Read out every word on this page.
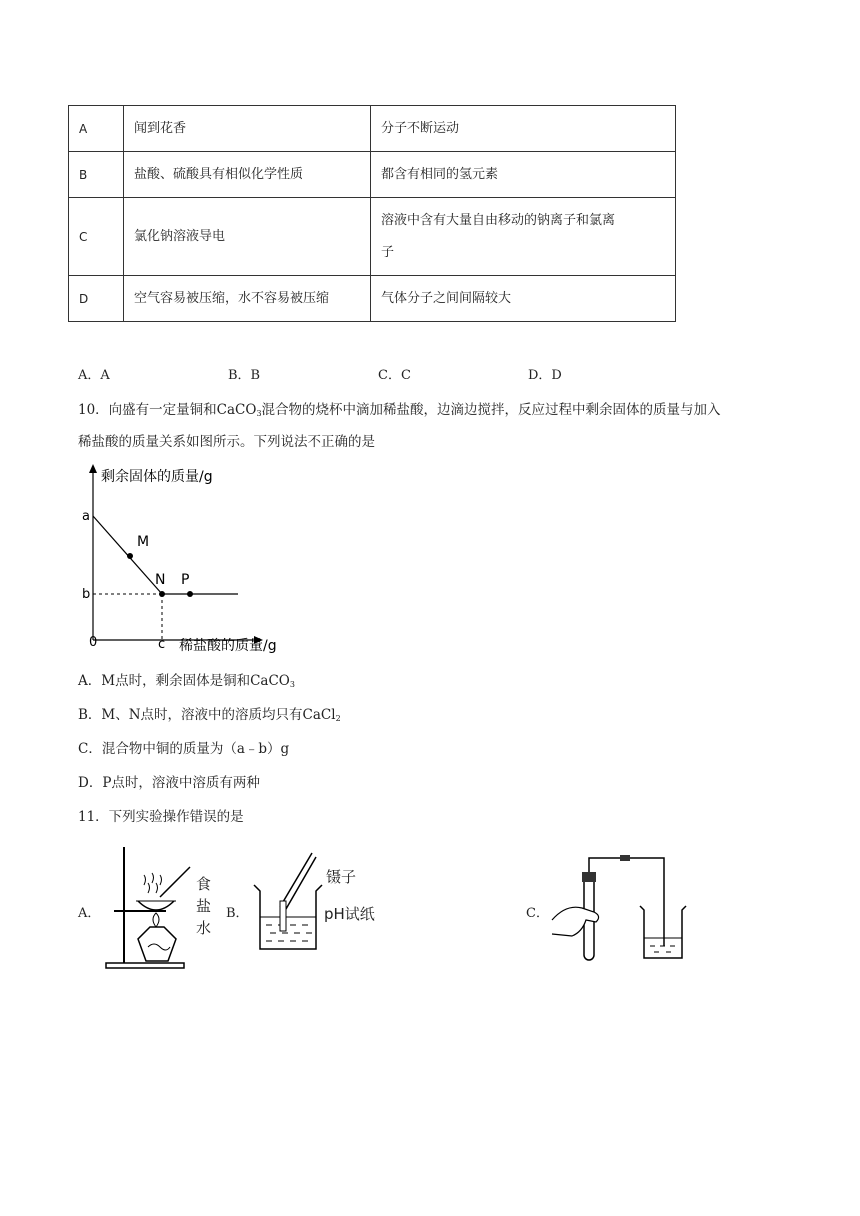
A	闻到花香	分子不断运动
B	盐酸、硫酸具有相似化学性质	都含有相同的氢元素
C	氯化钠溶液导电	溶液中含有大量自由移动的钠离子和氯离
子

D	空气容易被压缩，水不容易被压缩	气体分子之间间隔较大
A．A	B．B	C．C	D．D
10．向盛有一定量铜和CaCO$_3$混合物的烧杯中滴加稀盐酸，边滴边搅拌，反应过程中剩余固体的质量与加入
稀盐酸的质量关系如图所示。下列说法不正确的是
剩余固体的质量/g
稀盐酸的质量/g
0
a
b
c
M
N P
A．M点时，剩余固体是铜和CaCO$_3$
B．M、N点时，溶液中的溶质均只有CaCl$_2$
C．混合物中铜的质量为（a﹣b）g
D．P点时，溶液中溶质有两种
11．下列实验操作错误的是
A．	B．	C．
食
盐
水
镊子
pH试纸
